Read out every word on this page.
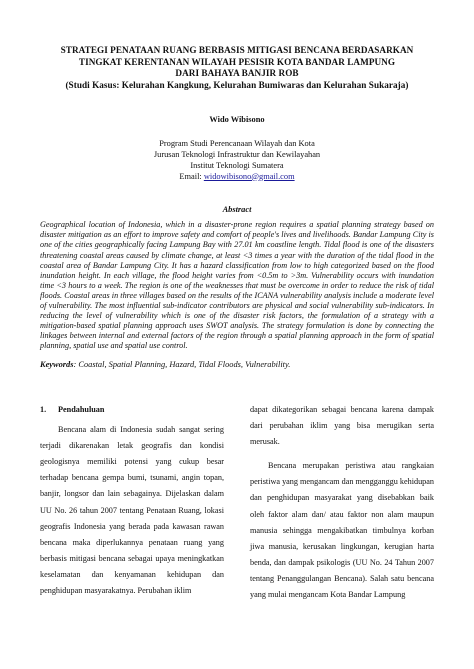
STRATEGI PENATAAN RUANG BERBASIS MITIGASI BENCANA BERDASARKAN
TINGKAT KERENTANAN WILAYAH PESISIR KOTA BANDAR LAMPUNG
DARI BAHAYA BANJIR ROB
(Studi Kasus: Kelurahan Kangkung, Kelurahan Bumiwaras dan Kelurahan Sukaraja)
Wido Wibisono
Program Studi Perencanaan Wilayah dan Kota
Jurusan Teknologi Infrastruktur dan Kewilayahan
Institut Teknologi Sumatera
Email: widowibisono@gmail.com
Abstract
Geographical location of Indonesia, which in a disaster-prone region requires a spatial planning strategy based on disaster mitigation as an effort to improve safety and comfort of people's lives and livelihoods. Bandar Lampung City is one of the cities geographically facing Lampung Bay with 27.01 km coastline length. Tidal flood is one of the disasters threatening coastal areas caused by climate change, at least <3 times a year with the duration of the tidal flood in the coastal area of Bandar Lampung City. It has a hazard classification from low to high categorized based on the flood inundation height. In each village, the flood height varies from <0.5m to >3m. Vulnerability occurs with inundation time <3 hours to a week. The region is one of the weaknesses that must be overcome in order to reduce the risk of tidal floods. Coastal areas in three villages based on the results of the ICANA vulnerability analysis include a moderate level of vulnerability. The most influential sub-indicator contributors are physical and social vulnerability sub-indicators. In reducing the level of vulnerability which is one of the disaster risk factors, the formulation of a strategy with a mitigation-based spatial planning approach uses SWOT analysis. The strategy formulation is done by connecting the linkages between internal and external factors of the region through a spatial planning approach in the form of spatial planning, spatial use and spatial use control.
Keywords: Coastal, Spatial Planning, Hazard, Tidal Floods, Vulnerability.
1.	Pendahuluan

Bencana alam di Indonesia sudah sangat sering terjadi dikarenakan letak geografis dan kondisi geologisnya memiliki potensi yang cukup besar terhadap bencana gempa bumi, tsunami, angin topan, banjir, longsor dan lain sebagainya. Dijelaskan dalam UU No. 26 tahun 2007 tentang Penataan Ruang, lokasi geografis Indonesia yang berada pada kawasan rawan bencana maka diperlukannya penataan ruang yang berbasis mitigasi bencana sebagai upaya meningkatkan keselamatan dan kenyamanan kehidupan dan penghidupan masyarakatnya. Perubahan iklim

dapat dikategorikan sebagai bencana karena dampak dari perubahan iklim yang bisa merugikan serta merusak.

Bencana merupakan peristiwa atau rangkaian peristiwa yang mengancam dan mengganggu kehidupan dan penghidupan masyarakat yang disebabkan baik oleh faktor alam dan/ atau faktor non alam maupun manusia sehingga mengakibatkan timbulnya korban jiwa manusia, kerusakan lingkungan, kerugian harta benda, dan dampak psikologis (UU No. 24 Tahun 2007 tentang Penanggulangan Bencana). Salah satu bencana yang mulai mengancam Kota Bandar Lampung
